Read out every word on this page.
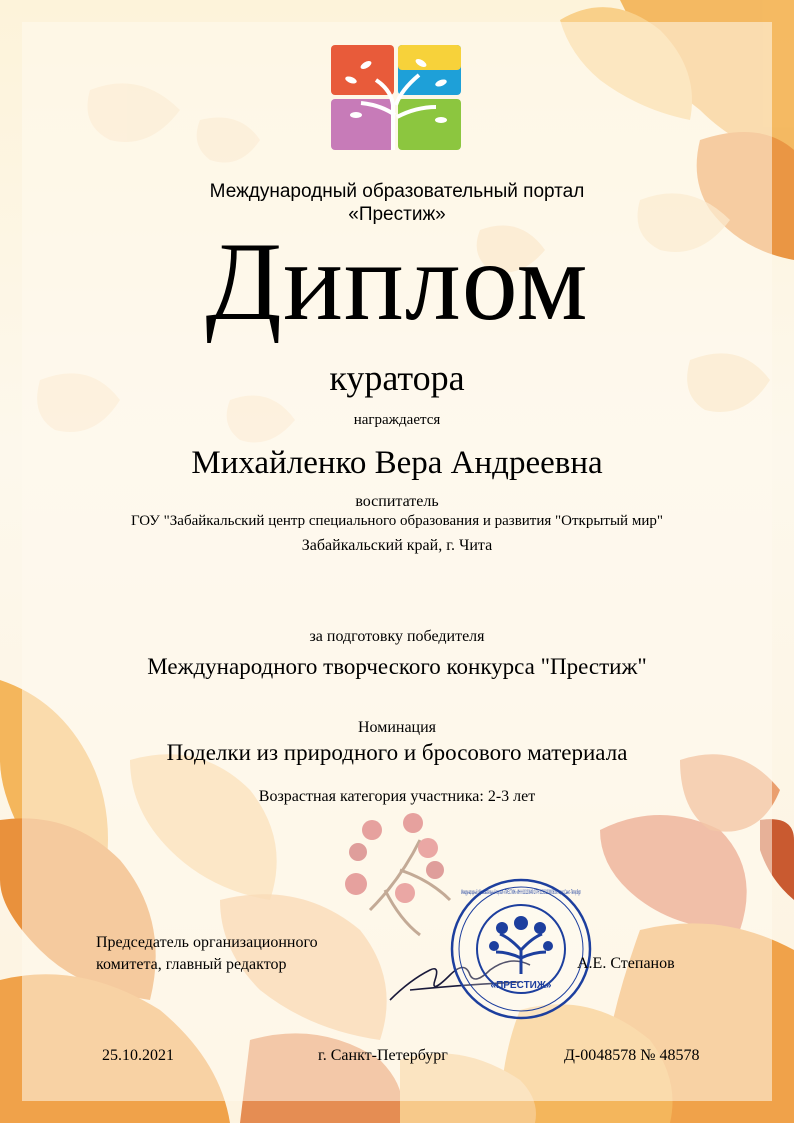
Международный образовательный портал
«Престиж»
Диплом
куратора
награждается
Михайленко Вера Андреевна
воспитатель
ГОУ "Забайкальский центр специального образования и развития "Открытый мир"
Забайкальский край, г. Чита
за подготовку победителя
Международного творческого конкурса "Престиж"
Номинация
Поделки из природного и бросового материала
Возрастная категория участника: 2-3 лет
Председатель организационного
комитета, главный редактор
«ПРЕСТИЖ»
А.Е. Степанов
25.10.2021	г. Санкт-Петербург	Д-0048578 № 48578
